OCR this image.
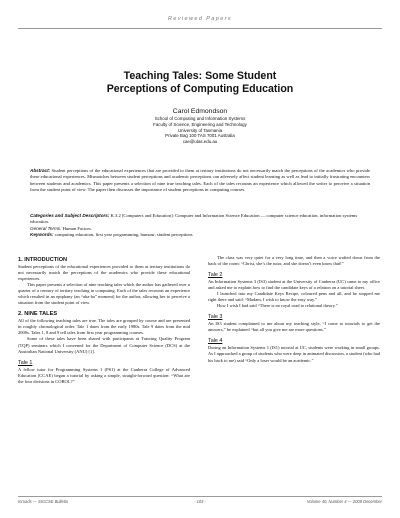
Reviewed Papers
Teaching Tales: Some Student
Perceptions of Computing Education
Carol Edmondson
School of Computing and Information Systems
Faculty of Science, Engineering and Technology
University of Tasmania
Private Bag 100 TAS 7001 Australia
cae@utas.edu.au
Abstract: Student perceptions of the educational experiences that are provided to them at tertiary institutions do not necessarily match the perceptions of the academics who provide these educational experiences. Mismatches between student perceptions and academic perceptions can adversely affect student learning as well as lead to initially frustrating encounters between students and academics. This paper presents a selection of nine true teaching tales. Each of the tales recounts an experience which allowed the writer to perceive a situation from the student point of view. The paper then discusses the importance of student perceptions in computing courses.
Categories and Subject Descriptors: K.3.2 [Computers and Education]: Computer and Information Science Education — computer science education, information systems education.
General Terms: Human Factors.
Keywords: computing education, first year programming, humour, student perceptions
1. INTRODUCTION

Student perceptions of the educational experiences provided to them at tertiary institutions do not necessarily match the perceptions of the academics who provide these educational experiences.

This paper presents a selection of nine teaching tales which the author has gathered over a quarter of a century of tertiary teaching in computing. Each of the tales recounts an experience which resulted in an epiphany (an “aha-ha” moment) for the author, allowing her to perceive a situation from the student point of view.

2. NINE TALES

All of the following teaching tales are true. The tales are grouped by course and are presented in roughly chronological order. Tale 1 dates from the early 1980s. Tale 9 dates from the mid 2000s. Tales 1, 8 and 9 tell tales from first year programming courses.

Some of these tales have been shared with participants at Tutoring Quality Program (TQP) seminars which I convened for the Department of Computer Science (DCS) at the Australian National University (ANU) [1].

Tale 1

A fellow tutor for Programming Systems 1 (PS1) at the Canberra College of Advanced Education (CCAE) began a tutorial by asking a simple, straight-forward question: “What are the four divisions in COBOL?”

The class was very quiet for a very long time, and then a voice wafted down from the back of the room: “Christ, she’s the tutor, and she doesn’t even know that!”

Tale 2

An Information Systems 3 (IS3) student at the University of Canberra (UC) came to my office and asked me to explain how to find the candidate keys of a relation on a tutorial sheet.

I launched into my Candidate Keys Recipe, coloured pens and all, and he stopped me right there and said: “Madam, I wish to know the easy way.”

How I wish I had said “There is no royal road to relational theory.”

Tale 3

An IS3 student complained to me about my teaching style, “I come to tutorials to get the answers,” he explained “but all you give me are more questions.”

Tale 4

During an Information Systems 1 (IS1) tutorial at UC, students were working in small groups. As I approached a group of students who were deep in animated discussion, a student (who had his back to me) said “Only a loser would be an academic.”

Inroads — SIGCSE Bulletin	- 103 -	Volume 40, Number 4 — 2008 December
